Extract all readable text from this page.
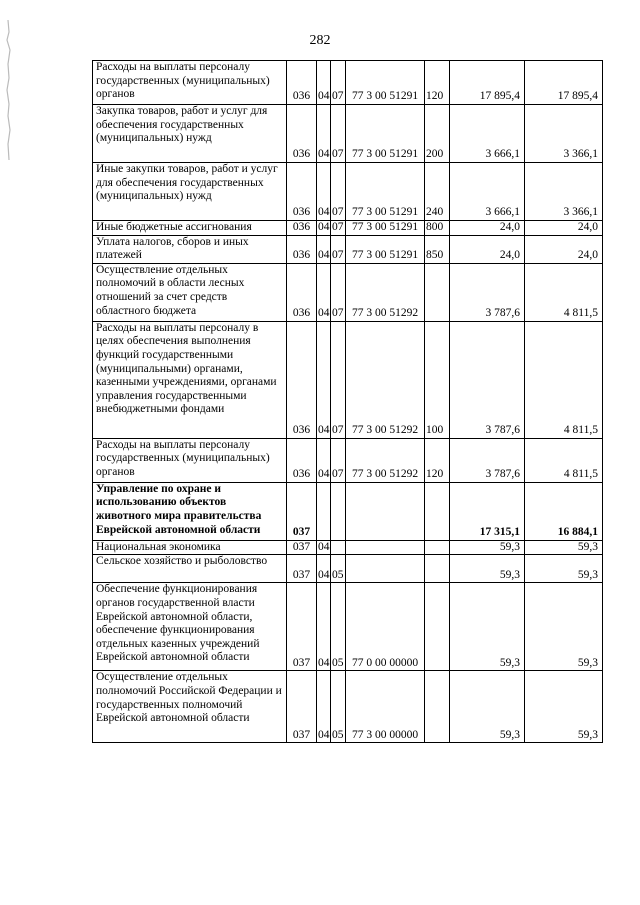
282
Расходы на выплаты персоналу государственных (муниципальных) органов	036	04	07	77 3 00 51291	120	17 895,4	17 895,4
Закупка товаров, работ и услуг для обеспечения государственных (муниципальных) нужд	036	04	07	77 3 00 51291	200	3 666,1	3 366,1
Иные закупки товаров, работ и услуг для обеспечения государственных (муниципальных) нужд	036	04	07	77 3 00 51291	240	3 666,1	3 366,1
Иные бюджетные ассигнования	036	04	07	77 3 00 51291	800	24,0	24,0
Уплата налогов, сборов и иных платежей	036	04	07	77 3 00 51291	850	24,0	24,0
Осуществление отдельных полномочий в области лесных отношений за счет средств областного бюджета	036	04	07	77 3 00 51292		3 787,6	4 811,5
Расходы на выплаты персоналу в целях обеспечения выполнения функций государственными (муниципальными) органами, казенными учреждениями, органами управления государственными внебюджетными фондами	036	04	07	77 3 00 51292	100	3 787,6	4 811,5
Расходы на выплаты персоналу государственных (муниципальных) органов	036	04	07	77 3 00 51292	120	3 787,6	4 811,5
Управление по охране и использованию объектов животного мира правительства Еврейской автономной области	037					17 315,1	16 884,1
Национальная экономика	037	04				59,3	59,3
Сельское хозяйство и рыболовство	037	04	05			59,3	59,3
Обеспечение функционирования органов государственной власти Еврейской автономной области, обеспечение функционирования отдельных казенных учреждений Еврейской автономной области	037	04	05	77 0 00 00000		59,3	59,3
Осуществление отдельных полномочий Российской Федерации и государственных полномочий Еврейской автономной области	037	04	05	77 3 00 00000		59,3	59,3
